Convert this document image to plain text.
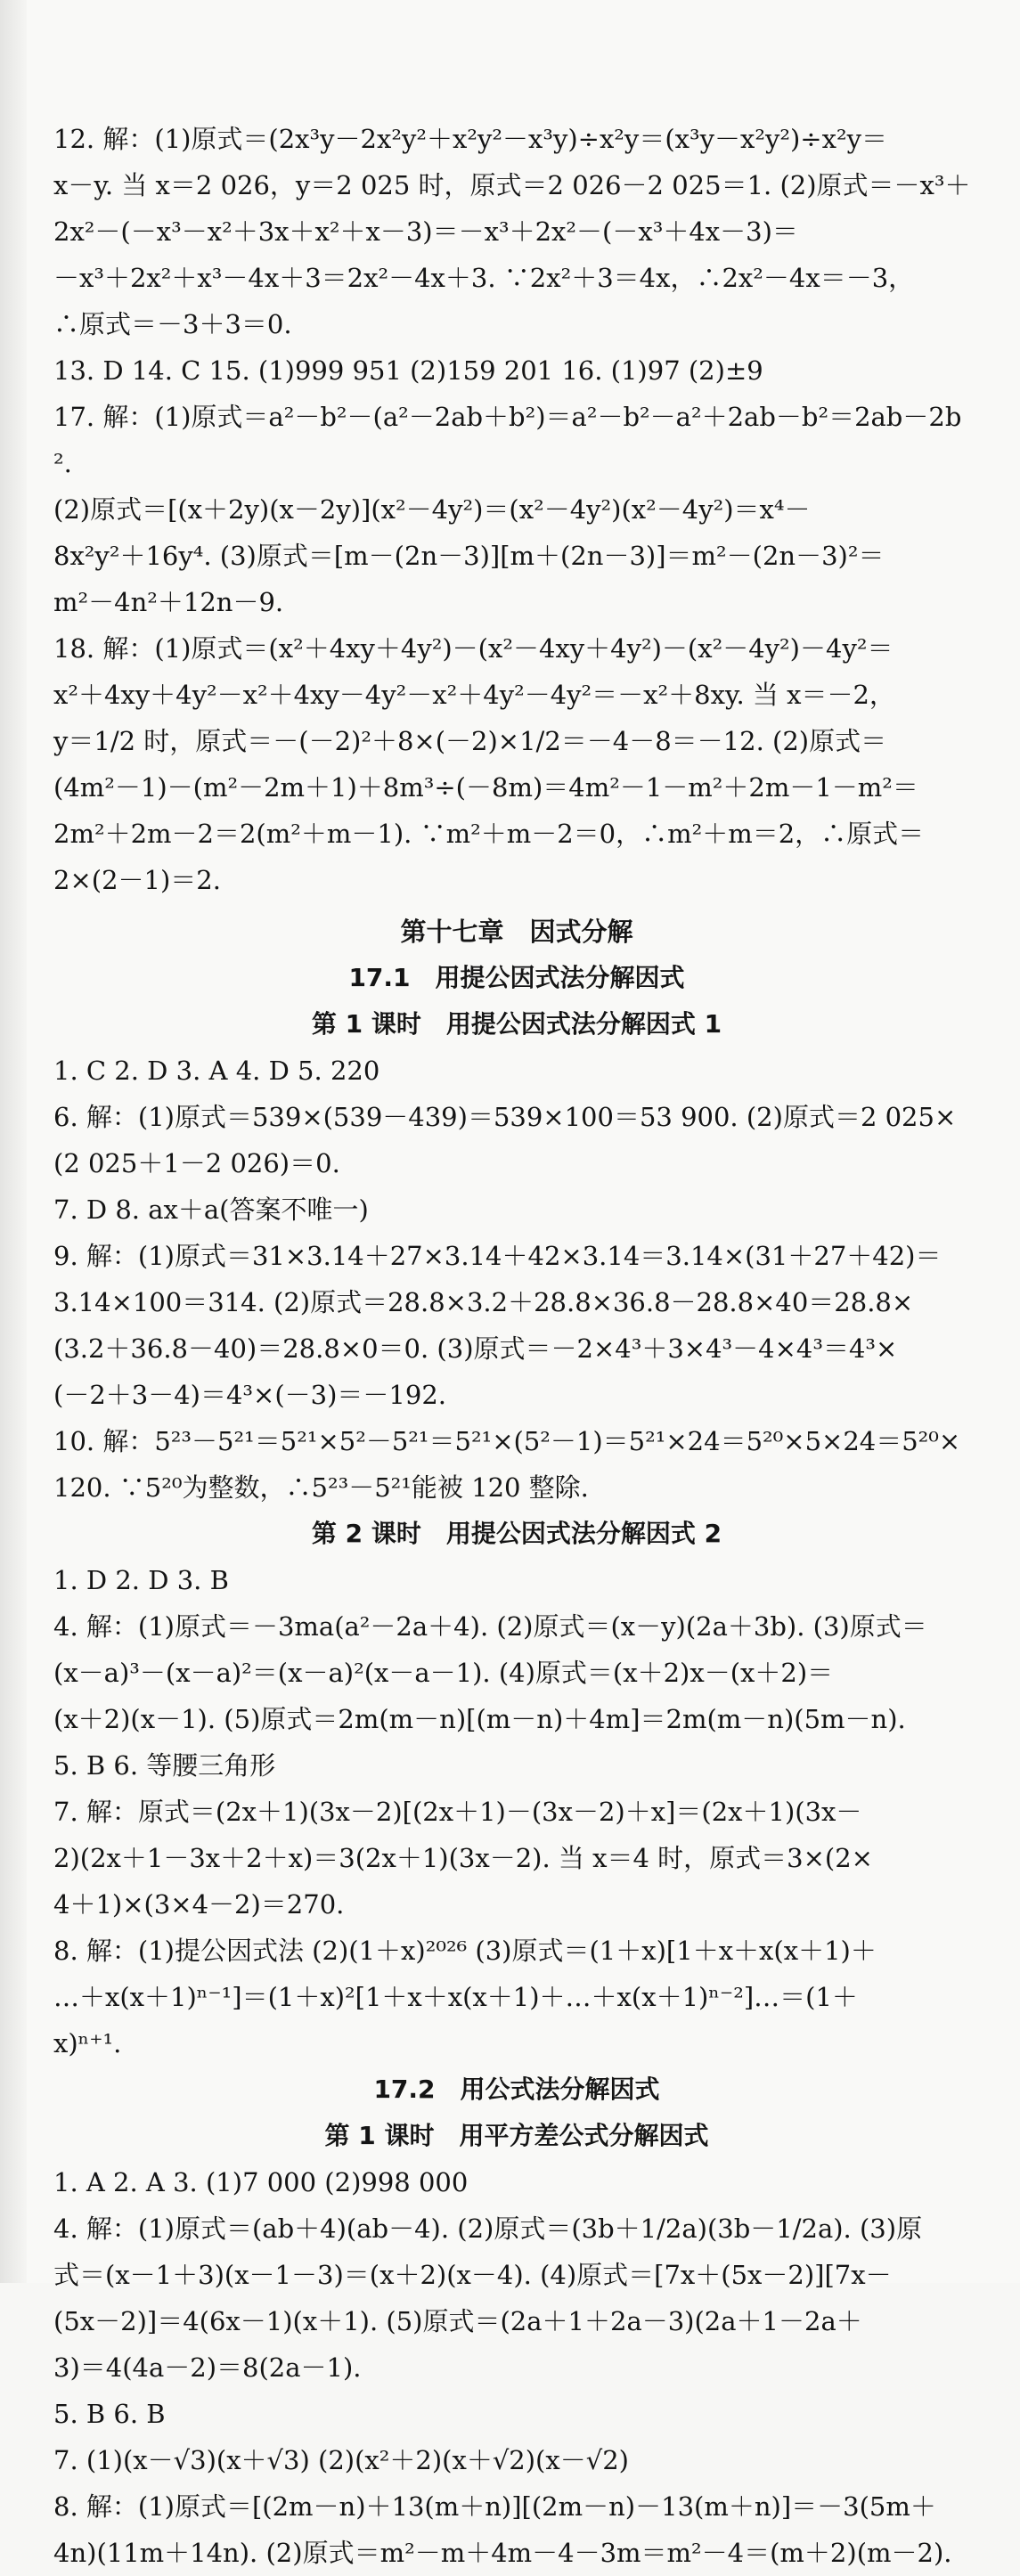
12. 解：(1)原式＝(2x³y－2x²y²＋x²y²－x³y)÷x²y＝(x³y－x²y²)÷x²y＝
x－y. 当 x＝2 026，y＝2 025 时，原式＝2 026－2 025＝1. (2)原式＝－x³＋
2x²－(－x³－x²＋3x＋x²＋x－3)＝－x³＋2x²－(－x³＋4x－3)＝
－x³＋2x²＋x³－4x＋3＝2x²－4x＋3. ∵2x²＋3＝4x，∴2x²－4x＝－3，
∴原式＝－3＋3＝0.
13. D 14. C 15. (1)999 951 (2)159 201 16. (1)97 (2)±9
17. 解：(1)原式＝a²－b²－(a²－2ab＋b²)＝a²－b²－a²＋2ab－b²＝2ab－2b².
(2)原式＝[(x＋2y)(x－2y)](x²－4y²)＝(x²－4y²)(x²－4y²)＝x⁴－
8x²y²＋16y⁴. (3)原式＝[m－(2n－3)][m＋(2n－3)]＝m²－(2n－3)²＝
m²－4n²＋12n－9.
18. 解：(1)原式＝(x²＋4xy＋4y²)－(x²－4xy＋4y²)－(x²－4y²)－4y²＝
x²＋4xy＋4y²－x²＋4xy－4y²－x²＋4y²－4y²＝－x²＋8xy. 当 x＝－2，
y＝1/2 时，原式＝－(－2)²＋8×(－2)×1/2＝－4－8＝－12. (2)原式＝
(4m²－1)－(m²－2m＋1)＋8m³÷(－8m)＝4m²－1－m²＋2m－1－m²＝
2m²＋2m－2＝2(m²＋m－1). ∵m²＋m－2＝0，∴m²＋m＝2，∴原式＝
2×(2－1)＝2.
第十七章　因式分解
17.1　用提公因式法分解因式
第 1 课时　用提公因式法分解因式 1
1. C 2. D 3. A 4. D 5. 220
6. 解：(1)原式＝539×(539－439)＝539×100＝53 900. (2)原式＝2 025×
(2 025＋1－2 026)＝0.
7. D 8. ax＋a(答案不唯一)
9. 解：(1)原式＝31×3.14＋27×3.14＋42×3.14＝3.14×(31＋27＋42)＝
3.14×100＝314. (2)原式＝28.8×3.2＋28.8×36.8－28.8×40＝28.8×
(3.2＋36.8－40)＝28.8×0＝0. (3)原式＝－2×4³＋3×4³－4×4³＝4³×
(－2＋3－4)＝4³×(－3)＝－192.
10. 解：5²³－5²¹＝5²¹×5²－5²¹＝5²¹×(5²－1)＝5²¹×24＝5²⁰×5×24＝5²⁰×
120. ∵5²⁰为整数，∴5²³－5²¹能被 120 整除.
第 2 课时　用提公因式法分解因式 2
1. D 2. D 3. B
4. 解：(1)原式＝－3ma(a²－2a＋4). (2)原式＝(x－y)(2a＋3b). (3)原式＝
(x－a)³－(x－a)²＝(x－a)²(x－a－1). (4)原式＝(x＋2)x－(x＋2)＝
(x＋2)(x－1). (5)原式＝2m(m－n)[(m－n)＋4m]＝2m(m－n)(5m－n).
5. B 6. 等腰三角形
7. 解：原式＝(2x＋1)(3x－2)[(2x＋1)－(3x－2)＋x]＝(2x＋1)(3x－
2)(2x＋1－3x＋2＋x)＝3(2x＋1)(3x－2). 当 x＝4 时，原式＝3×(2×
4＋1)×(3×4－2)＝270.
8. 解：(1)提公因式法 (2)(1＋x)²⁰²⁶ (3)原式＝(1＋x)[1＋x＋x(x＋1)＋
…＋x(x＋1)ⁿ⁻¹]＝(1＋x)²[1＋x＋x(x＋1)＋…＋x(x＋1)ⁿ⁻²]…＝(1＋
x)ⁿ⁺¹.
17.2　用公式法分解因式
第 1 课时　用平方差公式分解因式
1. A 2. A 3. (1)7 000 (2)998 000
4. 解：(1)原式＝(ab＋4)(ab－4). (2)原式＝(3b＋1/2a)(3b－1/2a). (3)原
式＝(x－1＋3)(x－1－3)＝(x＋2)(x－4). (4)原式＝[7x＋(5x－2)][7x－
(5x－2)]＝4(6x－1)(x＋1). (5)原式＝(2a＋1＋2a－3)(2a＋1－2a＋
3)＝4(4a－2)＝8(2a－1).
5. B 6. B
7. (1)(x－√3)(x＋√3) (2)(x²＋2)(x＋√2)(x－√2)
8. 解：(1)原式＝[(2m－n)＋13(m＋n)][(2m－n)－13(m＋n)]＝－3(5m＋
4n)(11m＋14n). (2)原式＝m²－m＋4m－4－3m＝m²－4＝(m＋2)(m－2).
